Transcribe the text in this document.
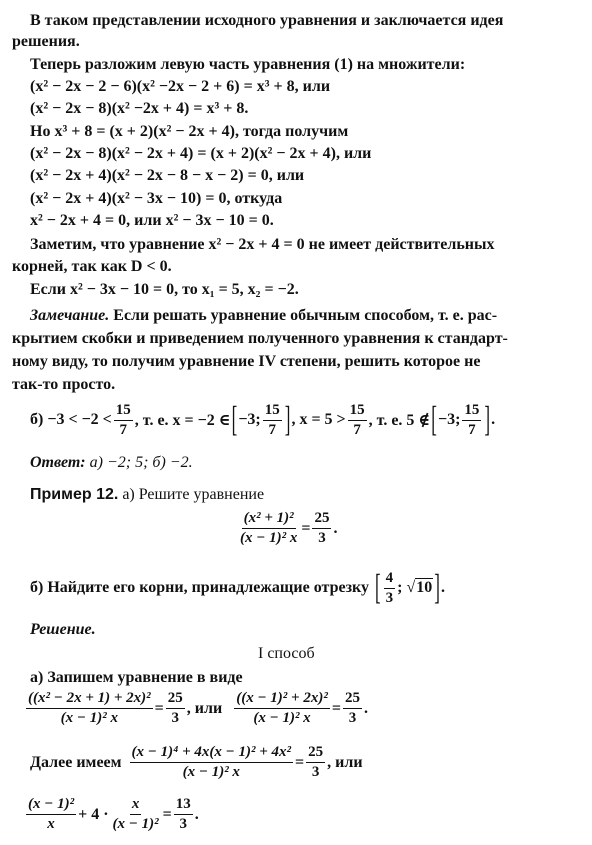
В таком представлении исходного уравнения и заключается идея
решения.
Теперь разложим левую часть уравнения (1) на множители:
(x² − 2x − 2 − 6)(x² −2x − 2 + 6) = x³ + 8, или
(x² − 2x − 8)(x² −2x + 4) = x³ + 8.
Но x³ + 8 = (x + 2)(x² − 2x + 4), тогда получим
(x² − 2x − 8)(x² − 2x + 4) = (x + 2)(x² − 2x + 4), или
(x² − 2x + 4)(x² − 2x − 8 − x − 2) = 0, или
(x² − 2x + 4)(x² − 3x − 10) = 0, откуда
x² − 2x + 4 = 0, или x² − 3x − 10 = 0.
Заметим, что уравнение x² − 2x + 4 = 0 не имеет действительных
корней, так как D < 0.
Если x² − 3x − 10 = 0, то x₁ = 5, x₂ = −2.
Замечание. Если решать уравнение обычным способом, т. е. рас-
крытием скобки и приведением полученного уравнения к стандарт-
ному виду, то получим уравнение IV степени, решить которое не
так-то просто.
$б) -3 < -2 < \frac{15}{7}$ , т. е. x = −2 ∈ [ −3; $\frac{15}{7}$ ] , $x = 5 > \frac{15}{7}$ , т. е. 5 ∉ [ −3; $\frac{15}{7}$ ] .
Ответ: а) −2; 5; б) −2.
Пример 12. а) Решите уравнение
$\frac{\text{(x² + 1)²}}{\text{(x − 1)² x}} = \frac{25}{3}$ .
б) Найдите его корни, принадлежащие отрезку [ $\frac{4}{3}$ ; √10 ] .
Решение.
I способ
а) Запишем уравнение в виде
$\frac{\text{((x² − 2x + 1) + 2x)²}}{\text{(x − 1)² x}} = \frac{25}{3}$ , или $\frac{\text{((x − 1)² + 2x)²}}{\text{(x − 1)² x}} = \frac{25}{3}$ .
Далее имеем $\frac{\text{(x − 1)⁴ + 4x(x − 1)² + 4x²}}{\text{(x − 1)² x}} = \frac{25}{3}$ , или
$\frac{\text{(x − 1)²}}{x} + 4 \cdot \frac{x}{\text{(x − 1)²}} = \frac{13}{3}$ .
